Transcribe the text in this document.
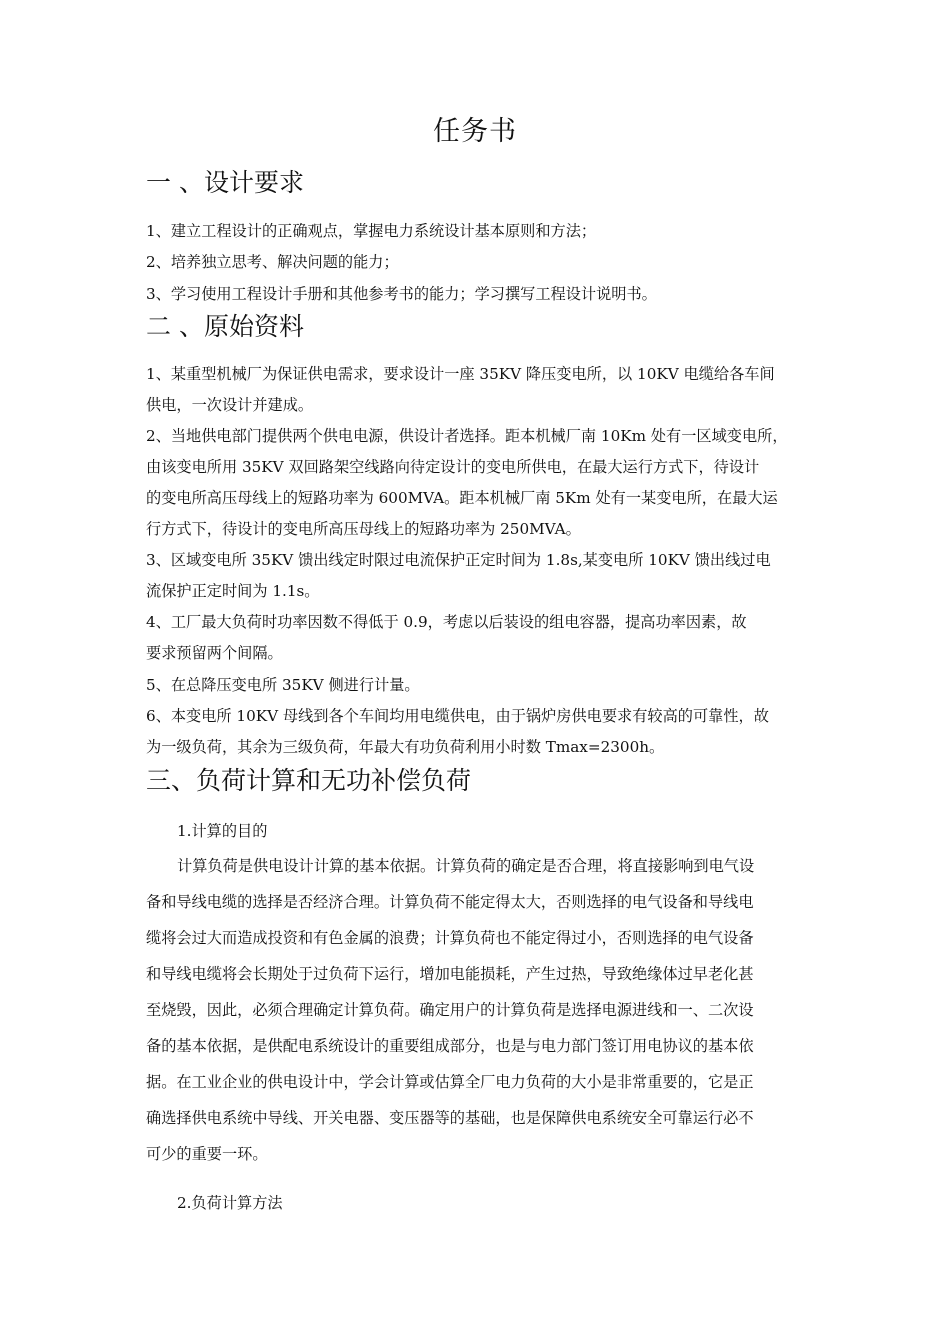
任务书
一 、设计要求
1、建立工程设计的正确观点，掌握电力系统设计基本原则和方法；
2、培养独立思考、解决问题的能力；
3、学习使用工程设计手册和其他参考书的能力；学习撰写工程设计说明书。
二 、原始资料
1、某重型机械厂为保证供电需求，要求设计一座 35KV 降压变电所，以 10KV 电缆给各车间
供电，一次设计并建成。
2、当地供电部门提供两个供电电源，供设计者选择。距本机械厂南 10Km 处有一区域变电所，
由该变电所用 35KV 双回路架空线路向待定设计的变电所供电，在最大运行方式下，待设计
的变电所高压母线上的短路功率为 600MVA。距本机械厂南 5Km 处有一某变电所，在最大运
行方式下，待设计的变电所高压母线上的短路功率为 250MVA。
3、区域变电所 35KV 馈出线定时限过电流保护正定时间为 1.8s,某变电所 10KV 馈出线过电
流保护正定时间为 1.1s。
4、工厂最大负荷时功率因数不得低于 0.9，考虑以后装设的组电容器，提高功率因素，故
要求预留两个间隔。
5、在总降压变电所 35KV 侧进行计量。
6、本变电所 10KV 母线到各个车间均用电缆供电，由于锅炉房供电要求有较高的可靠性，故
为一级负荷，其余为三级负荷，年最大有功负荷利用小时数 Tmax=2300h。
三、负荷计算和无功补偿负荷
1.计算的目的
计算负荷是供电设计计算的基本依据。计算负荷的确定是否合理，将直接影响到电气设
备和导线电缆的选择是否经济合理。计算负荷不能定得太大，否则选择的电气设备和导线电
缆将会过大而造成投资和有色金属的浪费；计算负荷也不能定得过小，否则选择的电气设备
和导线电缆将会长期处于过负荷下运行，增加电能损耗，产生过热，导致绝缘体过早老化甚
至烧毁，因此，必须合理确定计算负荷。确定用户的计算负荷是选择电源进线和一、二次设
备的基本依据，是供配电系统设计的重要组成部分，也是与电力部门签订用电协议的基本依
据。在工业企业的供电设计中，学会计算或估算全厂电力负荷的大小是非常重要的，它是正
确选择供电系统中导线、开关电器、变压器等的基础，也是保障供电系统安全可靠运行必不
可少的重要一环。
2.负荷计算方法
